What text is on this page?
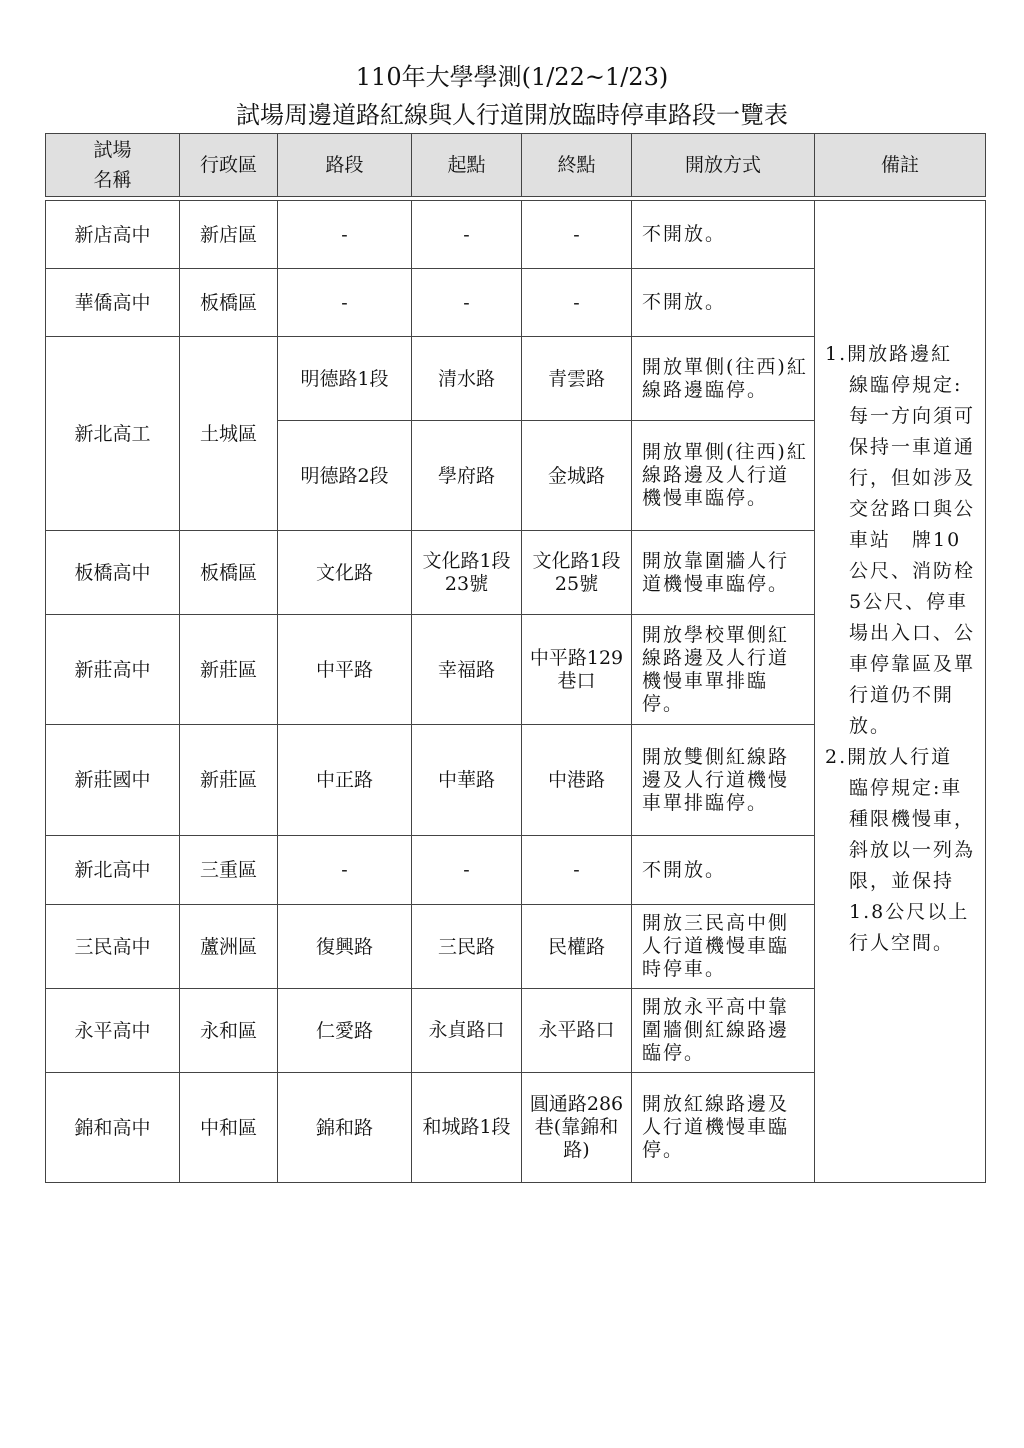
110年大學學測(1/22~1/23)
試場周邊道路紅線與人行道開放臨時停車路段一覽表
試場
名稱	行政區	路段	起點	終點	開放方式	備註

新店高中	新店區	-	-	-	不開放。	1.開放路邊紅
線臨停規定:每一方向須可保持一車道通行，但如涉及交岔路口與公車站　牌10公尺、消防栓5公尺、停車場出入口、公車停靠區及單行道仍不開放。
2.開放人行道
臨停規定:車種限機慢車，斜放以一列為限，並保持1.8公尺以上行人空間。

華僑高中	板橋區	-	-	-	不開放。	
新北高工	土城區	明德路1段	清水路	青雲路	開放單側(往西)紅線路邊臨停。	
		明德路2段	學府路	金城路	開放單側(往西)紅線路邊及人行道機慢車臨停。	
板橋高中	板橋區	文化路	文化路1段23號	文化路1段25號	開放靠圍牆人行道機慢車臨停。	
新莊高中	新莊區	中平路	幸福路	中平路129巷口	開放學校單側紅線路邊及人行道機慢車單排臨停。	
新莊國中	新莊區	中正路	中華路	中港路	開放雙側紅線路邊及人行道機慢車單排臨停。	
新北高中	三重區	-	-	-	不開放。	
三民高中	蘆洲區	復興路	三民路	民權路	開放三民高中側人行道機慢車臨時停車。	
永平高中	永和區	仁愛路	永貞路口	永平路口	開放永平高中靠圍牆側紅線路邊臨停。	
錦和高中	中和區	錦和路	和城路1段	圓通路286巷(靠錦和路)	開放紅線路邊及人行道機慢車臨停。	
